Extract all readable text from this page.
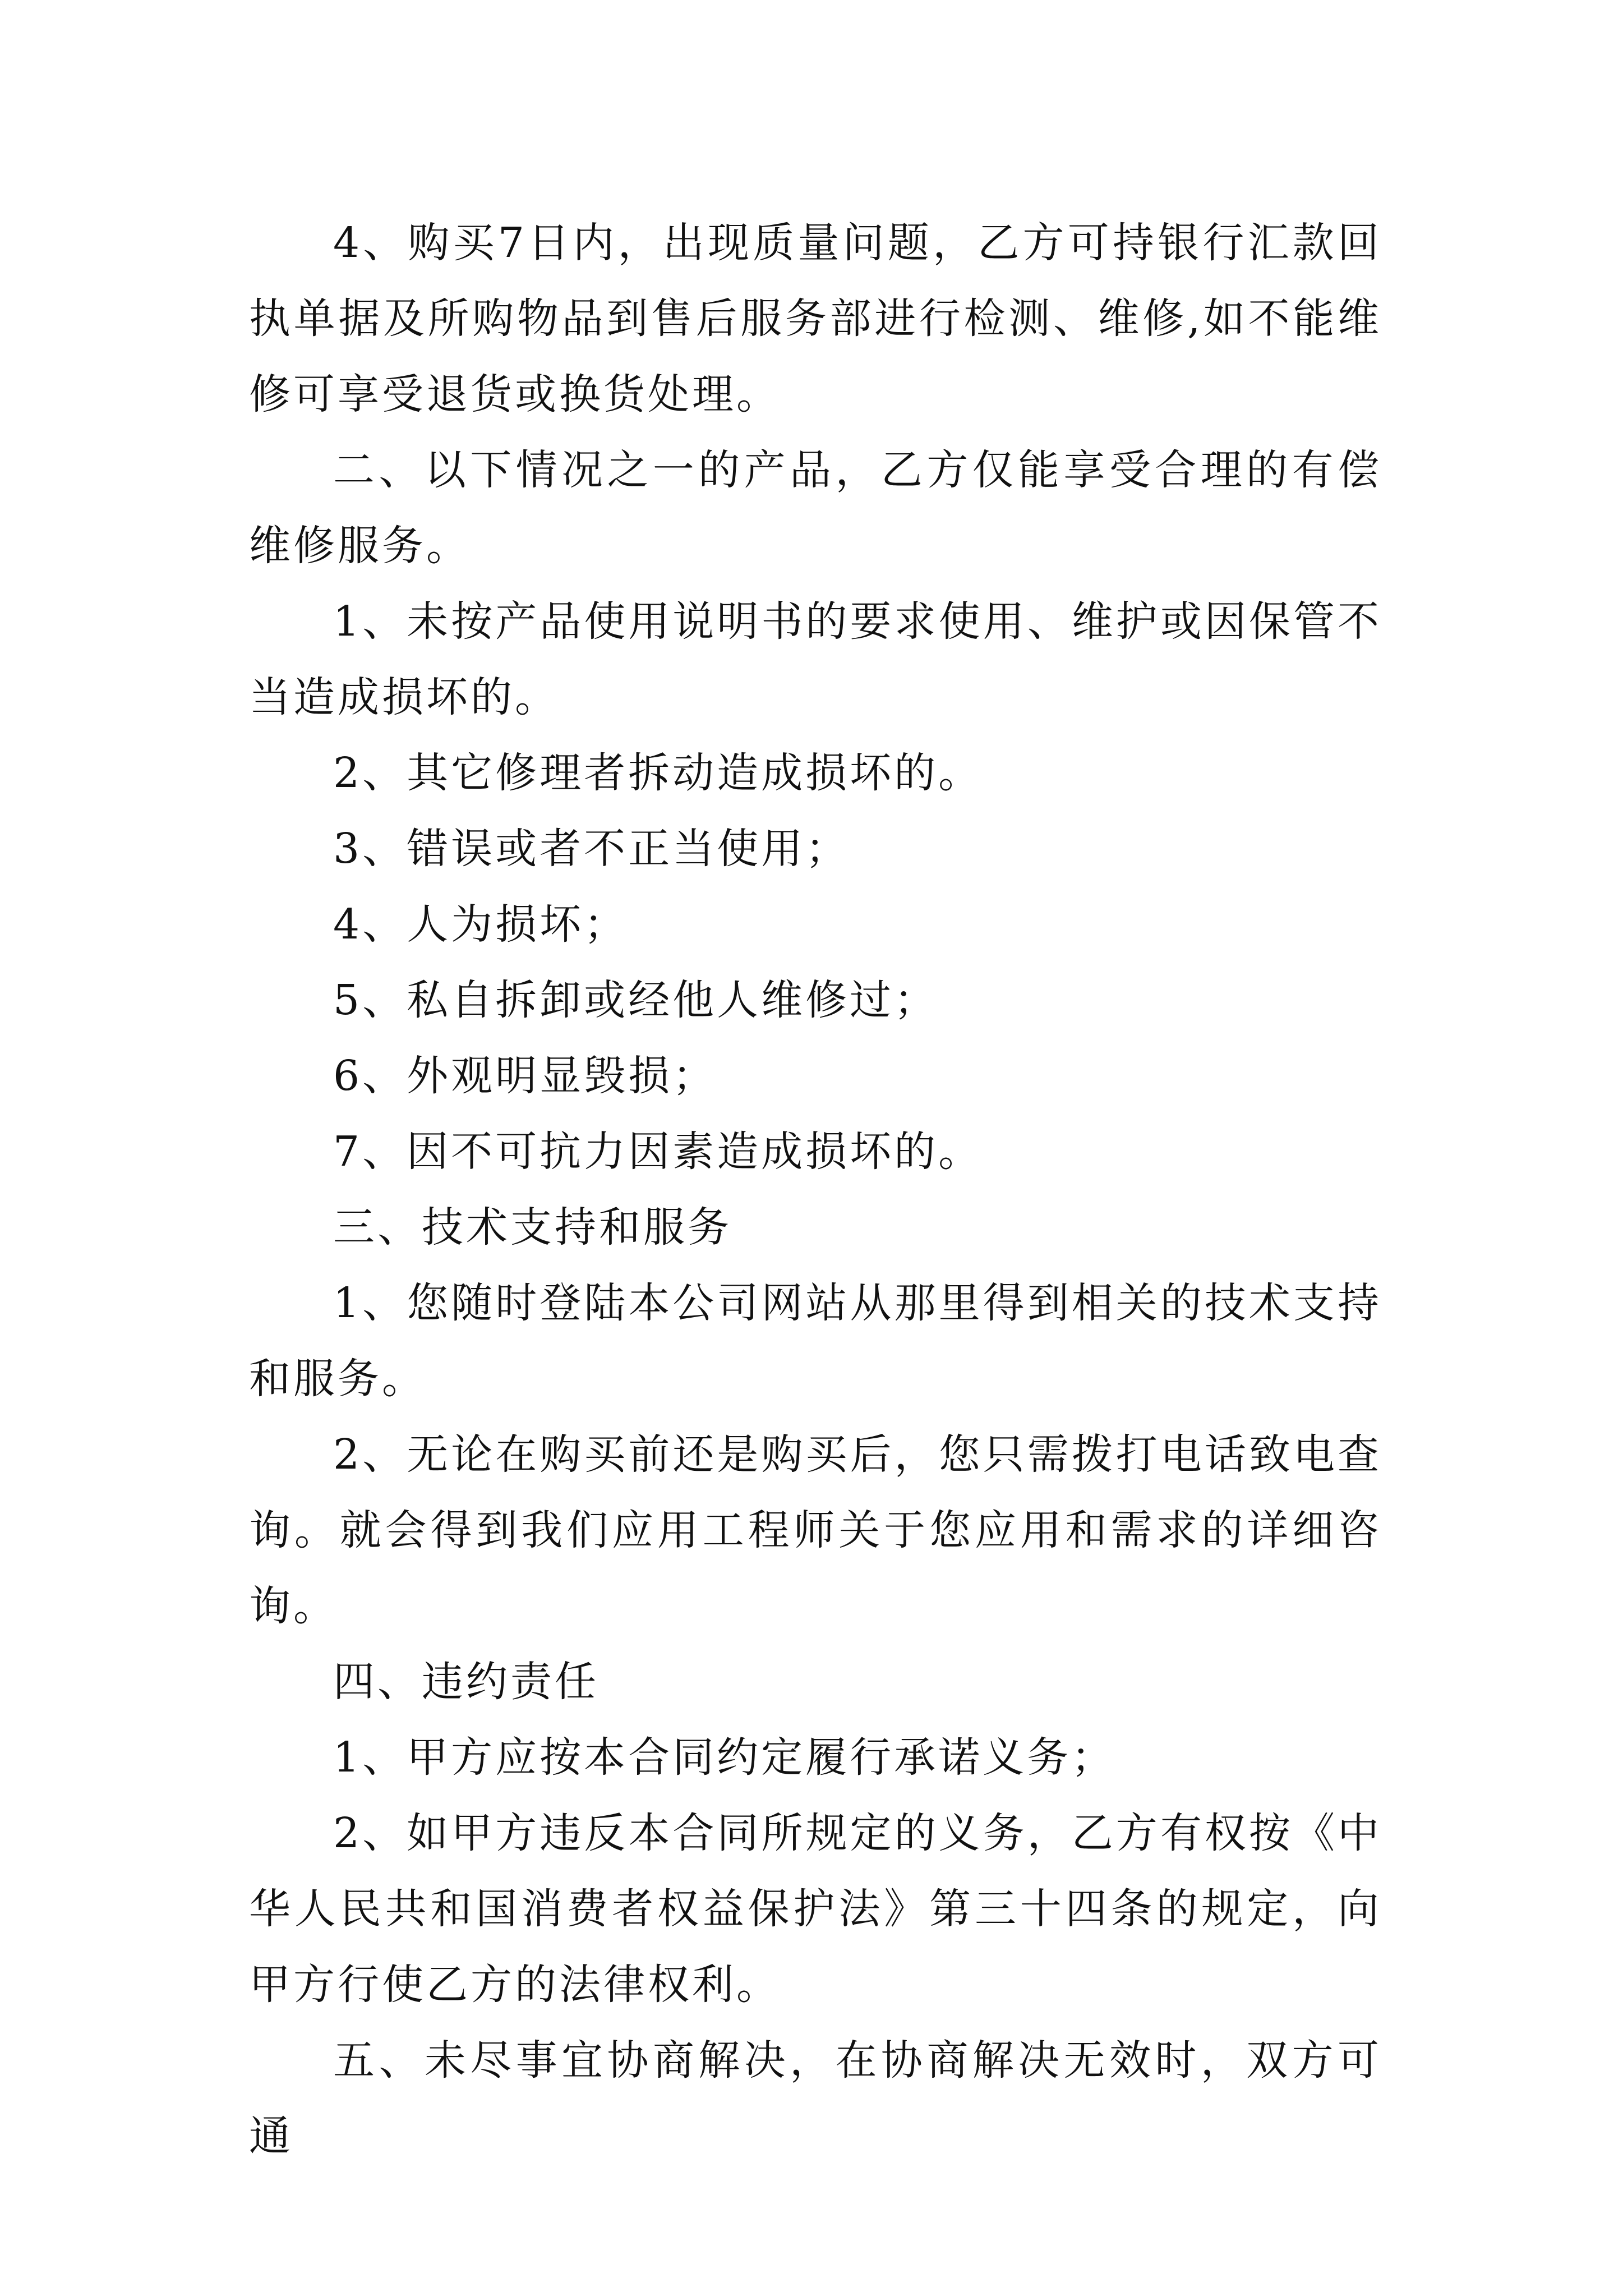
4、购买7日内，出现质量问题，乙方可持银行汇款回执单据及所购物品到售后服务部进行检测、维修,如不能维修可享受退货或换货处理。

二、以下情况之一的产品，乙方仅能享受合理的有偿维修服务。

1、未按产品使用说明书的要求使用、维护或因保管不当造成损坏的。

2、其它修理者拆动造成损坏的。

3、错误或者不正当使用；

4、人为损坏；

5、私自拆卸或经他人维修过；

6、外观明显毁损；

7、因不可抗力因素造成损坏的。

三、技术支持和服务

1、您随时登陆本公司网站从那里得到相关的技术支持和服务。

2、无论在购买前还是购买后，您只需拨打电话致电查询。就会得到我们应用工程师关于您应用和需求的详细咨询。

四、违约责任

1、甲方应按本合同约定履行承诺义务；

2、如甲方违反本合同所规定的义务，乙方有权按《中华人民共和国消费者权益保护法》第三十四条的规定，向甲方行使乙方的法律权利。

五、未尽事宜协商解决，在协商解决无效时，双方可通
